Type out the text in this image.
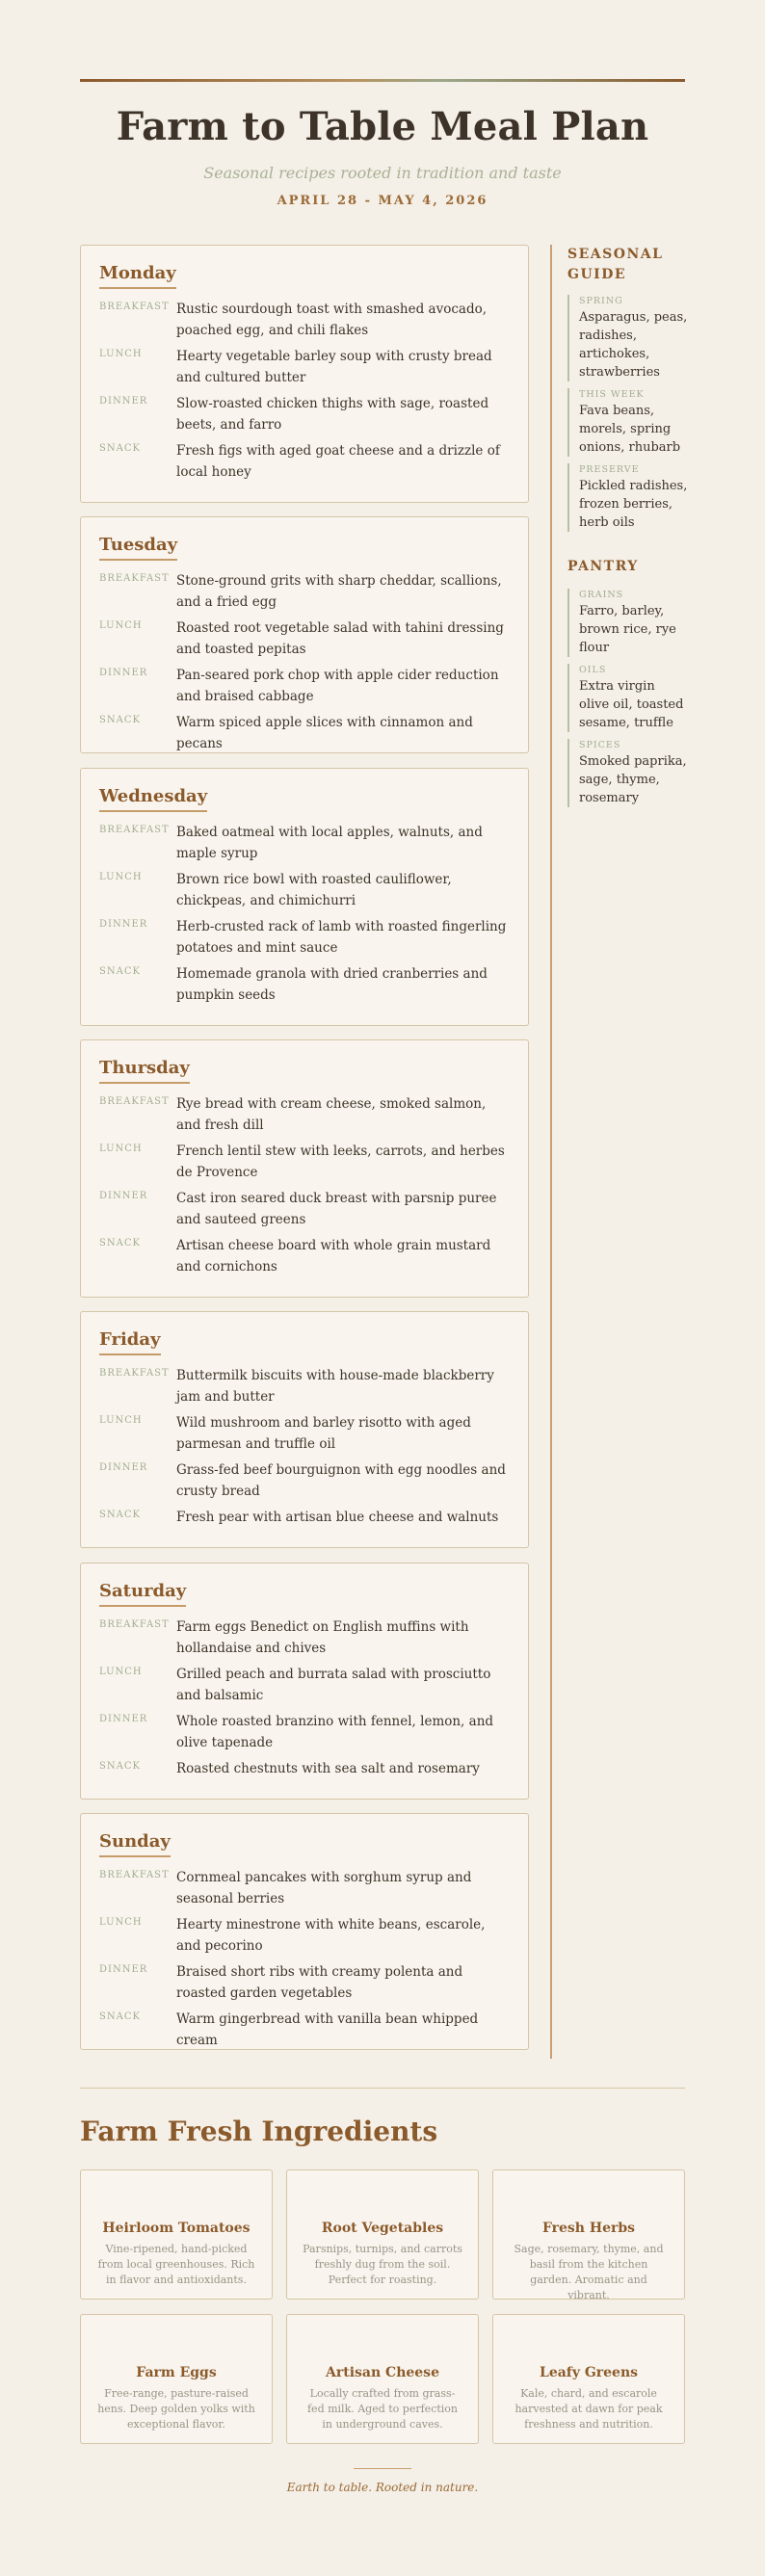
Farm to Table Meal Plan
Seasonal recipes rooted in tradition and taste
APRIL 28 - MAY 4, 2026
Monday
BREAKFAST Rustic sourdough toast with smashed avocado, poached egg, and chili flakes
LUNCH	Hearty vegetable barley soup with crusty bread and cultured butter
DINNER	Slow-roasted chicken thighs with sage, roasted beets, and farro
SNACK	Fresh figs with aged goat cheese and a drizzle of local honey
Tuesday
BREAKFAST Stone-ground grits with sharp cheddar, scallions, and a fried egg
LUNCH	Roasted root vegetable salad with tahini dressing and toasted pepitas
DINNER	Pan-seared pork chop with apple cider reduction and braised cabbage
SNACK	Warm spiced apple slices with cinnamon and pecans
Wednesday
BREAKFAST Baked oatmeal with local apples, walnuts, and maple syrup
LUNCH	Brown rice bowl with roasted cauliflower, chickpeas, and chimichurri
DINNER	Herb-crusted rack of lamb with roasted fingerling potatoes and mint sauce
SNACK	Homemade granola with dried cranberries and pumpkin seeds
Thursday
BREAKFAST Rye bread with cream cheese, smoked salmon, and fresh dill
LUNCH	French lentil stew with leeks, carrots, and herbes de Provence
DINNER	Cast iron seared duck breast with parsnip puree and sauteed greens
SNACK	Artisan cheese board with whole grain mustard and cornichons
Friday
BREAKFAST Buttermilk biscuits with house-made blackberry jam and butter
LUNCH	Wild mushroom and barley risotto with aged parmesan and truffle oil
DINNER	Grass-fed beef bourguignon with egg noodles and crusty bread
SNACK	Fresh pear with artisan blue cheese and walnuts
Saturday
BREAKFAST Farm eggs Benedict on English muffins with hollandaise and chives
LUNCH	Grilled peach and burrata salad with prosciutto and balsamic
DINNER	Whole roasted branzino with fennel, lemon, and olive tapenade
SNACK	Roasted chestnuts with sea salt and rosemary
Sunday
BREAKFAST Cornmeal pancakes with sorghum syrup and seasonal berries
LUNCH	Hearty minestrone with white beans, escarole, and pecorino
DINNER	Braised short ribs with creamy polenta and roasted garden vegetables
SNACK	Warm gingerbread with vanilla bean whipped cream
SEASONAL GUIDE
SPRING
Asparagus, peas, radishes, artichokes, strawberries
THIS WEEK
Fava beans, morels, spring onions, rhubarb
PRESERVE
Pickled radishes, frozen berries, herb oils
PANTRY
GRAINS
Farro, barley, brown rice, rye flour
OILS
Extra virgin olive oil, toasted sesame, truffle
SPICES
Smoked paprika, sage, thyme, rosemary
Farm Fresh Ingredients
Heirloom Tomatoes
Vine-ripened, hand-picked from local greenhouses. Rich in flavor and antioxidants.
Root Vegetables
Parsnips, turnips, and carrots freshly dug from the soil. Perfect for roasting.
Fresh Herbs
Sage, rosemary, thyme, and basil from the kitchen garden. Aromatic and vibrant.
Farm Eggs
Free-range, pasture-raised hens. Deep golden yolks with exceptional flavor.
Artisan Cheese
Locally crafted from grass-fed milk. Aged to perfection in underground caves.
Leafy Greens
Kale, chard, and escarole harvested at dawn for peak freshness and nutrition.
Earth to table. Rooted in nature.
